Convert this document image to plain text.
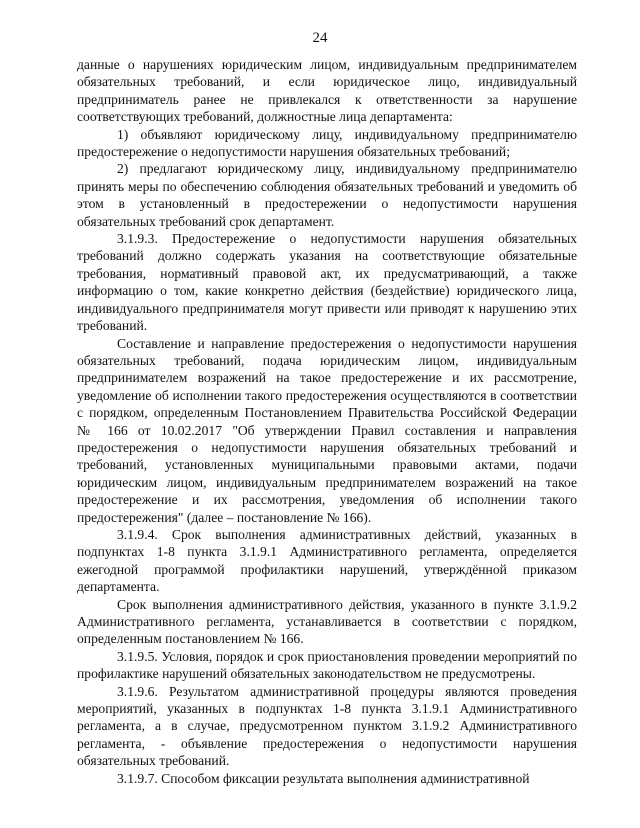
24

данные о нарушениях юридическим лицом, индивидуальным предпринимателем обязательных требований, и если юридическое лицо, индивидуальный предприниматель ранее не привлекался к ответственности за нарушение соответствующих требований, должностные лица департамента:

1) объявляют юридическому лицу, индивидуальному предпринимателю предостережение о недопустимости нарушения обязательных требований;

2) предлагают юридическому лицу, индивидуальному предпринимателю принять меры по обеспечению соблюдения обязательных требований и уведомить об этом в установленный в предостережении о недопустимости нарушения обязательных требований срок департамент.

3.1.9.3. Предостережение о недопустимости нарушения обязательных требований должно содержать указания на соответствующие обязательные требования, нормативный правовой акт, их предусматривающий, а также информацию о том, какие конкретно действия (бездействие) юридического лица, индивидуального предпринимателя могут привести или приводят к нарушению этих требований.

Составление и направление предостережения о недопустимости нарушения обязательных требований, подача юридическим лицом, индивидуальным предпринимателем возражений на такое предостережение и их рассмотрение, уведомление об исполнении такого предостережения осуществляются в соответствии с порядком, определенным Постановлением Правительства Российской Федерации № 166 от 10.02.2017 "Об утверждении Правил составления и направления предостережения о недопустимости нарушения обязательных требований и требований, установленных муниципальными правовыми актами, подачи юридическим лицом, индивидуальным предпринимателем возражений на такое предостережение и их рассмотрения, уведомления об исполнении такого предостережения" (далее – постановление № 166).

3.1.9.4. Срок выполнения административных действий, указанных в подпунктах 1-8 пункта 3.1.9.1 Административного регламента, определяется ежегодной программой профилактики нарушений, утверждённой приказом департамента.

Срок выполнения административного действия, указанного в пункте 3.1.9.2 Административного регламента, устанавливается в соответствии с порядком, определенным постановлением № 166.

3.1.9.5. Условия, порядок и срок приостановления проведении мероприятий по профилактике нарушений обязательных законодательством не предусмотрены.

3.1.9.6. Результатом административной процедуры являются проведения мероприятий, указанных в подпунктах 1-8 пункта 3.1.9.1 Административного регламента, а в случае, предусмотренном пунктом 3.1.9.2 Административного регламента, - объявление предостережения о недопустимости нарушения обязательных требований.

3.1.9.7. Способом фиксации результата выполнения административной
